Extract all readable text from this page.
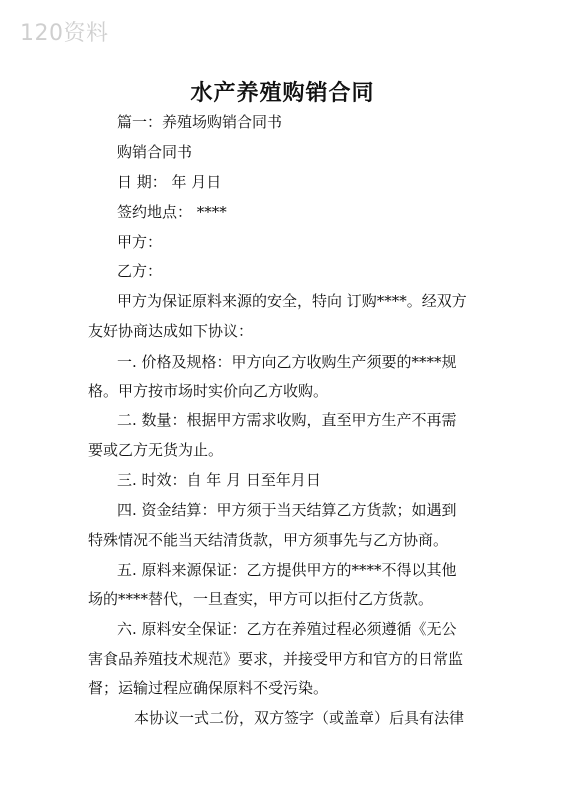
120资料
水产养殖购销合同
篇一：养殖场购销合同书
购销合同书
日 期： 年 月日
签约地点： ****
甲方：
乙方：
甲方为保证原料来源的安全，特向 订购****。经双方
友好协商达成如下协议：
一. 价格及规格：甲方向乙方收购生产须要的****规
格。甲方按市场时实价向乙方收购。
二. 数量：根据甲方需求收购，直至甲方生产不再需
要或乙方无货为止。
三. 时效：自 年 月 日至年月日
四. 资金结算：甲方须于当天结算乙方货款；如遇到
特殊情况不能当天结清货款，甲方须事先与乙方协商。
五. 原料来源保证：乙方提供甲方的****不得以其他
场的****替代，一旦查实，甲方可以拒付乙方货款。
六. 原料安全保证：乙方在养殖过程必须遵循《无公
害食品养殖技术规范》要求，并接受甲方和官方的日常监
督；运输过程应确保原料不受污染。
本协议一式二份，双方签字（或盖章）后具有法律
